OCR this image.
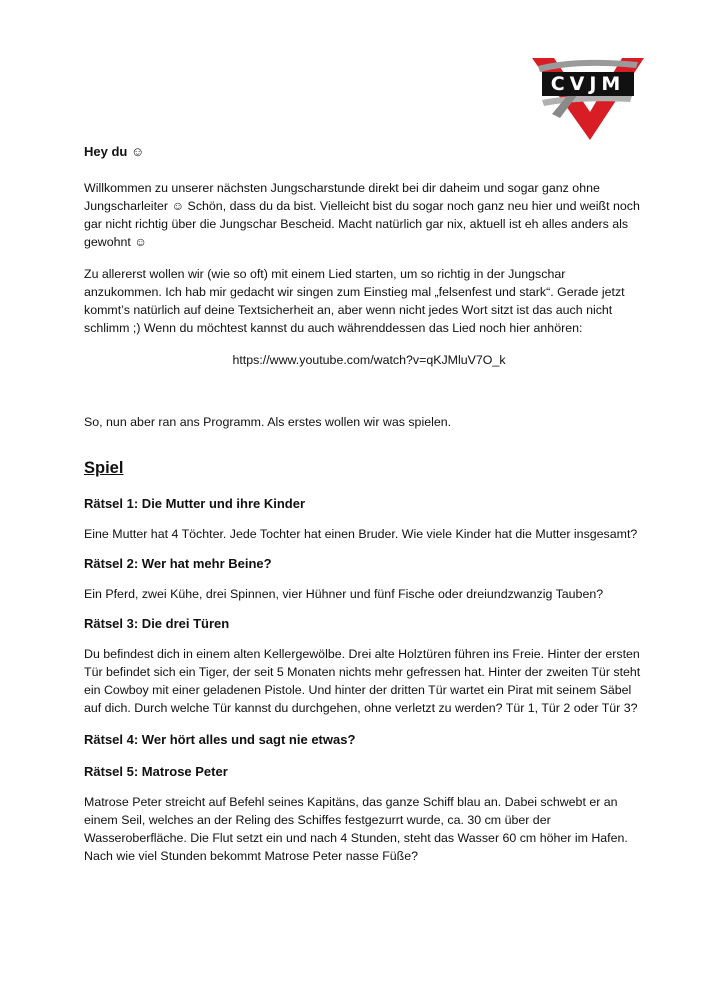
CVJM
Hey du ☺

Willkommen zu unserer nächsten Jungscharstunde direkt bei dir daheim und sogar ganz ohne Jungscharleiter ☺ Schön, dass du da bist. Vielleicht bist du sogar noch ganz neu hier und weißt noch gar nicht richtig über die Jungschar Bescheid. Macht natürlich gar nix, aktuell ist eh alles anders als gewohnt ☺

Zu allererst wollen wir (wie so oft) mit einem Lied starten, um so richtig in der Jungschar anzukommen. Ich hab mir gedacht wir singen zum Einstieg mal „felsenfest und stark“. Gerade jetzt kommt’s natürlich auf deine Textsicherheit an, aber wenn nicht jedes Wort sitzt ist das auch nicht schlimm ;) Wenn du möchtest kannst du auch währenddessen das Lied noch hier anhören:

https://www.youtube.com/watch?v=qKJMluV7O_k

So, nun aber ran ans Programm. Als erstes wollen wir was spielen.

Spiel
Rätsel 1: Die Mutter und ihre Kinder

Eine Mutter hat 4 Töchter. Jede Tochter hat einen Bruder. Wie viele Kinder hat die Mutter insgesamt?

Rätsel 2: Wer hat mehr Beine?

Ein Pferd, zwei Kühe, drei Spinnen, vier Hühner und fünf Fische oder dreiundzwanzig Tauben?

Rätsel 3: Die drei Türen

Du befindest dich in einem alten Kellergewölbe. Drei alte Holztüren führen ins Freie. Hinter der ersten Tür befindet sich ein Tiger, der seit 5 Monaten nichts mehr gefressen hat. Hinter der zweiten Tür steht ein Cowboy mit einer geladenen Pistole. Und hinter der dritten Tür wartet ein Pirat mit seinem Säbel auf dich. Durch welche Tür kannst du durchgehen, ohne verletzt zu werden? Tür 1, Tür 2 oder Tür 3?

Rätsel 4: Wer hört alles und sagt nie etwas?
Rätsel 5: Matrose Peter

Matrose Peter streicht auf Befehl seines Kapitäns, das ganze Schiff blau an. Dabei schwebt er an einem Seil, welches an der Reling des Schiffes festgezurrt wurde, ca. 30 cm über der Wasseroberfläche. Die Flut setzt ein und nach 4 Stunden, steht das Wasser 60 cm höher im Hafen. Nach wie viel Stunden bekommt Matrose Peter nasse Füße?
